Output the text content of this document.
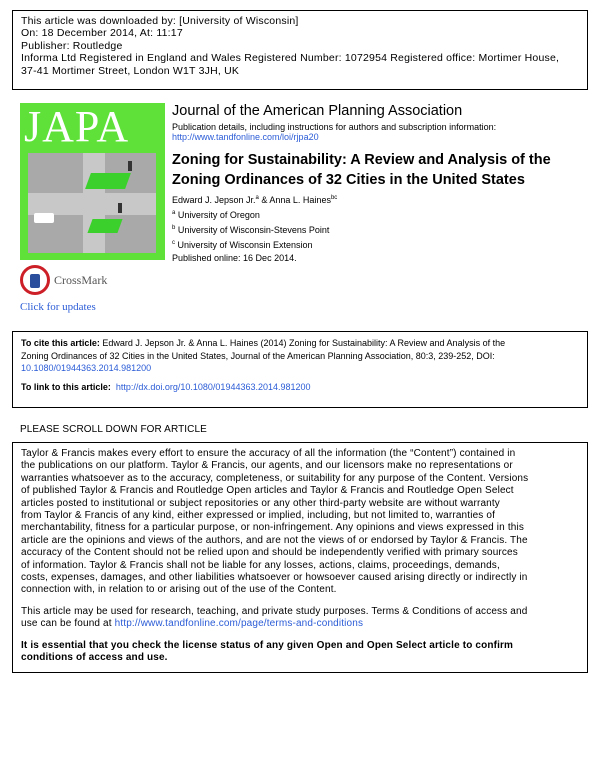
This article was downloaded by: [University of Wisconsin]
On: 18 December 2014, At: 11:17
Publisher: Routledge
Informa Ltd Registered in England and Wales Registered Number: 1072954 Registered office: Mortimer House,
37-41 Mortimer Street, London W1T 3JH, UK
JAPA	Journal of the American Planning Association
Publication details, including instructions for authors and subscription information:
http://www.tandfonline.com/loi/rjpa20
Zoning for Sustainability: A Review and Analysis of the
Zoning Ordinances of 32 Cities in the United States
Edward J. Jepson Jr.$^a$ & Anna L. Haines$^{bc}$
$^a$ University of Oregon
$^b$ University of Wisconsin-Stevens Point
$^c$ University of Wisconsin Extension
Published online: 16 Dec 2014.
CrossMark
Click for updates
To cite this article: Edward J. Jepson Jr. & Anna L. Haines (2014) Zoning for Sustainability: A Review and Analysis of the
Zoning Ordinances of 32 Cities in the United States, Journal of the American Planning Association, 80:3, 239-252, DOI:
10.1080/01944363.2014.981200
To link to this article: http://dx.doi.org/10.1080/01944363.2014.981200
PLEASE SCROLL DOWN FOR ARTICLE

Taylor & Francis makes every effort to ensure the accuracy of all the information (the “Content”) contained in
the publications on our platform. Taylor & Francis, our agents, and our licensors make no representations or
warranties whatsoever as to the accuracy, completeness, or suitability for any purpose of the Content. Versions
of published Taylor & Francis and Routledge Open articles and Taylor & Francis and Routledge Open Select
articles posted to institutional or subject repositories or any other third-party website are without warranty
from Taylor & Francis of any kind, either expressed or implied, including, but not limited to, warranties of
merchantability, fitness for a particular purpose, or non-infringement. Any opinions and views expressed in this
article are the opinions and views of the authors, and are not the views of or endorsed by Taylor & Francis. The
accuracy of the Content should not be relied upon and should be independently verified with primary sources
of information. Taylor & Francis shall not be liable for any losses, actions, claims, proceedings, demands,
costs, expenses, damages, and other liabilities whatsoever or howsoever caused arising directly or indirectly in
connection with, in relation to or arising out of the use of the Content.

This article may be used for research, teaching, and private study purposes. Terms & Conditions of access and
use can be found at http://www.tandfonline.com/page/terms-and-conditions

It is essential that you check the license status of any given Open and Open Select article to confirm
conditions of access and use.
